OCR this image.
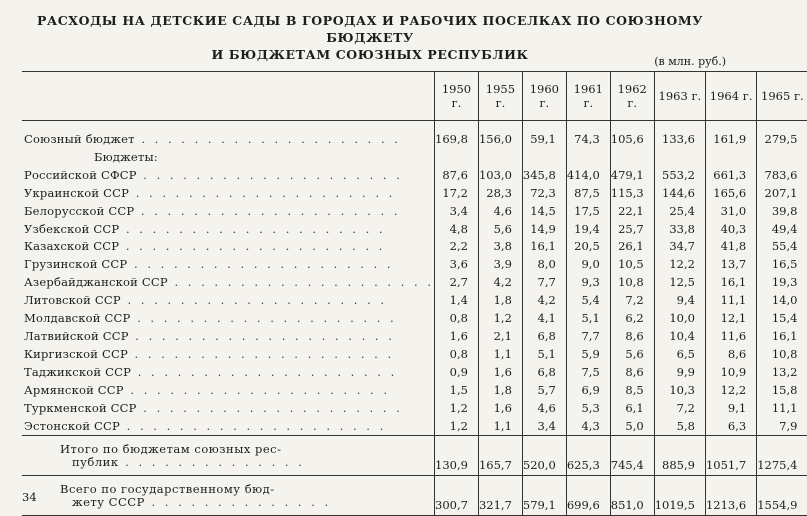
РАСХОДЫ НА ДЕТСКИЕ САДЫ В ГОРОДАХ И РАБОЧИХ ПОСЕЛКАХ ПО СОЮЗНОМУ БЮДЖЕТУ
И БЮДЖЕТАМ СОЮЗНЫХ РЕСПУБЛИК	(в млн. руб.)
	1950 г.	1955 г.	1960 г.	1961 г.	1962 г.	1963 г.	1964 г.	1965 г.

Союзный бюджет . . . . . . . . . . . . . . . . . . . .	169,8	156,0	59,1	74,3	105,6	133,6	161,9	279,5
Бюджеты:								
Российской СФСР . . . . . . . . . . . . . . . . . . . .	87,6	103,0	345,8	414,0	479,1	553,2	661,3	783,6
Украинской ССР . . . . . . . . . . . . . . . . . . . .	17,2	28,3	72,3	87,5	115,3	144,6	165,6	207,1
Белорусской ССР . . . . . . . . . . . . . . . . . . . .	3,4	4,6	14,5	17,5	22,1	25,4	31,0	39,8
Узбекской ССР . . . . . . . . . . . . . . . . . . . .	4,8	5,6	14,9	19,4	25,7	33,8	40,3	49,4
Казахской ССР . . . . . . . . . . . . . . . . . . . .	2,2	3,8	16,1	20,5	26,1	34,7	41,8	55,4
Грузинской ССР . . . . . . . . . . . . . . . . . . . .	3,6	3,9	8,0	9,0	10,5	12,2	13,7	16,5
Азербайджанской ССР . . . . . . . . . . . . . . . . . . . .	2,7	4,2	7,7	9,3	10,8	12,5	16,1	19,3
Литовской ССР . . . . . . . . . . . . . . . . . . . .	1,4	1,8	4,2	5,4	7,2	9,4	11,1	14,0
Молдавской ССР . . . . . . . . . . . . . . . . . . . .	0,8	1,2	4,1	5,1	6,2	10,0	12,1	15,4
Латвийской ССР . . . . . . . . . . . . . . . . . . . .	1,6	2,1	6,8	7,7	8,6	10,4	11,6	16,1
Киргизской ССР . . . . . . . . . . . . . . . . . . . .	0,8	1,1	5,1	5,9	5,6	6,5	8,6	10,8
Таджикской ССР . . . . . . . . . . . . . . . . . . . .	0,9	1,6	6,8	7,5	8,6	9,9	10,9	13,2
Армянской ССР . . . . . . . . . . . . . . . . . . . .	1,5	1,8	5,7	6,9	8,5	10,3	12,2	15,8
Туркменской ССР . . . . . . . . . . . . . . . . . . . .	1,2	1,6	4,6	5,3	6,1	7,2	9,1	11,1
Эстонской ССР . . . . . . . . . . . . . . . . . . . .	1,2	1,1	3,4	4,3	5,0	5,8	6,3	7,9

Итого по бюджетам союзных рес-
публик . . . . . . . . . . . . . .	130,9	165,7	520,0	625,3	745,4	885,9	1051,7	1275,4

Всего по государственному бюд-
жету СССР . . . . . . . . . . . . . .	300,7	321,7	579,1	699,6	851,0	1019,5	1213,6	1554,9
34
